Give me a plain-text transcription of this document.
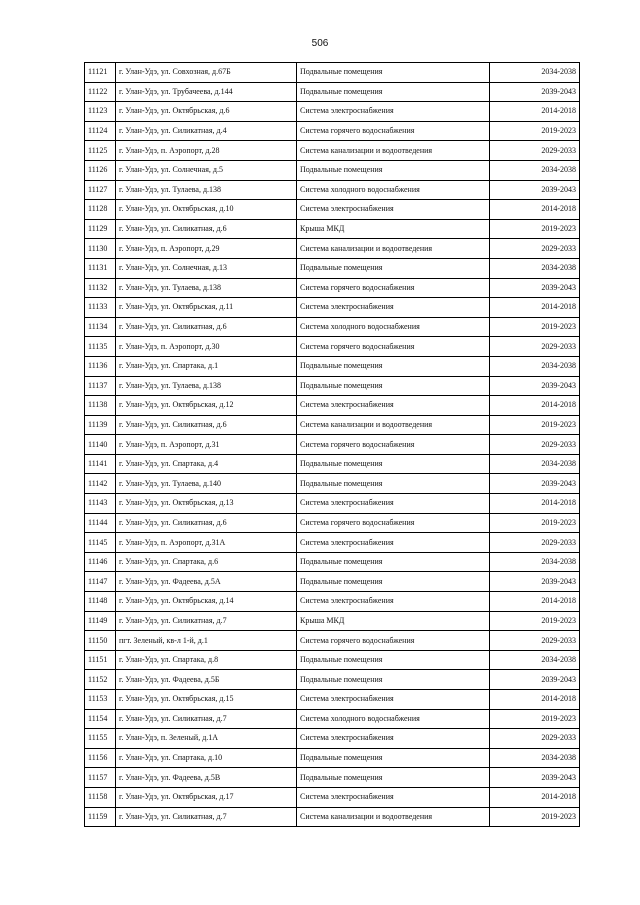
506
11121	г. Улан-Удэ, ул. Совхозная, д.67Б	Подвальные помещения	2034-2038
11122	г. Улан-Удэ, ул. Трубачеева, д.144	Подвальные помещения	2039-2043
11123	г. Улан-Удэ, ул. Октябрьская, д.6	Система электроснабжения	2014-2018
11124	г. Улан-Удэ, ул. Силикатная, д.4	Система горячего водоснабжения	2019-2023
11125	г. Улан-Удэ, п. Аэропорт, д.28	Система канализации и водоотведения	2029-2033
11126	г. Улан-Удэ, ул. Солнечная, д.5	Подвальные помещения	2034-2038
11127	г. Улан-Удэ, ул. Тулаева, д.138	Система холодного водоснабжения	2039-2043
11128	г. Улан-Удэ, ул. Октябрьская, д.10	Система электроснабжения	2014-2018
11129	г. Улан-Удэ, ул. Силикатная, д.6	Крыша МКД	2019-2023
11130	г. Улан-Удэ, п. Аэропорт, д.29	Система канализации и водоотведения	2029-2033
11131	г. Улан-Удэ, ул. Солнечная, д.13	Подвальные помещения	2034-2038
11132	г. Улан-Удэ, ул. Тулаева, д.138	Система горячего водоснабжения	2039-2043
11133	г. Улан-Удэ, ул. Октябрьская, д.11	Система электроснабжения	2014-2018
11134	г. Улан-Удэ, ул. Силикатная, д.6	Система холодного водоснабжения	2019-2023
11135	г. Улан-Удэ, п. Аэропорт, д.30	Система горячего водоснабжения	2029-2033
11136	г. Улан-Удэ, ул. Спартака, д.1	Подвальные помещения	2034-2038
11137	г. Улан-Удэ, ул. Тулаева, д.138	Подвальные помещения	2039-2043
11138	г. Улан-Удэ, ул. Октябрьская, д.12	Система электроснабжения	2014-2018
11139	г. Улан-Удэ, ул. Силикатная, д.6	Система канализации и водоотведения	2019-2023
11140	г. Улан-Удэ, п. Аэропорт, д.31	Система горячего водоснабжения	2029-2033
11141	г. Улан-Удэ, ул. Спартака, д.4	Подвальные помещения	2034-2038
11142	г. Улан-Удэ, ул. Тулаева, д.140	Подвальные помещения	2039-2043
11143	г. Улан-Удэ, ул. Октябрьская, д.13	Система электроснабжения	2014-2018
11144	г. Улан-Удэ, ул. Силикатная, д.6	Система горячего водоснабжения	2019-2023
11145	г. Улан-Удэ, п. Аэропорт, д.31А	Система электроснабжения	2029-2033
11146	г. Улан-Удэ, ул. Спартака, д.6	Подвальные помещения	2034-2038
11147	г. Улан-Удэ, ул. Фадеева, д.5А	Подвальные помещения	2039-2043
11148	г. Улан-Удэ, ул. Октябрьская, д.14	Система электроснабжения	2014-2018
11149	г. Улан-Удэ, ул. Силикатная, д.7	Крыша МКД	2019-2023
11150	пгт. Зеленый, кв-л 1-й, д.1	Система горячего водоснабжения	2029-2033
11151	г. Улан-Удэ, ул. Спартака, д.8	Подвальные помещения	2034-2038
11152	г. Улан-Удэ, ул. Фадеева, д.5Б	Подвальные помещения	2039-2043
11153	г. Улан-Удэ, ул. Октябрьская, д.15	Система электроснабжения	2014-2018
11154	г. Улан-Удэ, ул. Силикатная, д.7	Система холодного водоснабжения	2019-2023
11155	г. Улан-Удэ, п. Зеленый, д.1А	Система электроснабжения	2029-2033
11156	г. Улан-Удэ, ул. Спартака, д.10	Подвальные помещения	2034-2038
11157	г. Улан-Удэ, ул. Фадеева, д.5В	Подвальные помещения	2039-2043
11158	г. Улан-Удэ, ул. Октябрьская, д.17	Система электроснабжения	2014-2018
11159	г. Улан-Удэ, ул. Силикатная, д.7	Система канализации и водоотведения	2019-2023
